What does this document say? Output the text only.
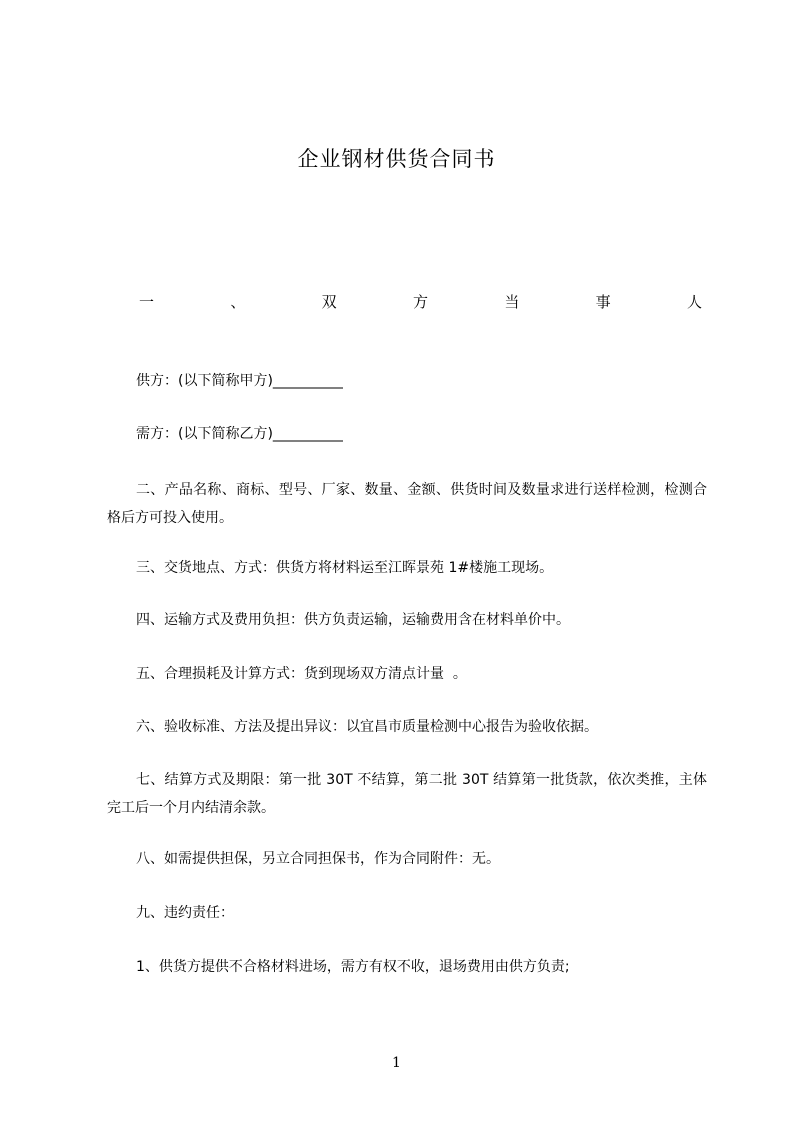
企业钢材供货合同书
一	、	双	方	当	事	人
供方：(以下简称甲方)__________
需方：(以下简称乙方)__________
二、产品名称、商标、型号、厂家、数量、金额、供货时间及数量求进行送样检测，检测合格后方可投入使用。
三、交货地点、方式：供货方将材料运至江晖景苑 1#楼施工现场。
四、运输方式及费用负担：供方负责运输，运输费用含在材料单价中。
五、合理损耗及计算方式：货到现场双方清点计量  。
六、验收标准、方法及提出异议：以宜昌市质量检测中心报告为验收依据。
七、结算方式及期限：第一批 30T 不结算，第二批 30T 结算第一批货款，依次类推，主体完工后一个月内结清余款。
八、如需提供担保，另立合同担保书，作为合同附件：无。
九、违约责任：
1、供货方提供不合格材料进场，需方有权不收，退场费用由供方负责;
1
